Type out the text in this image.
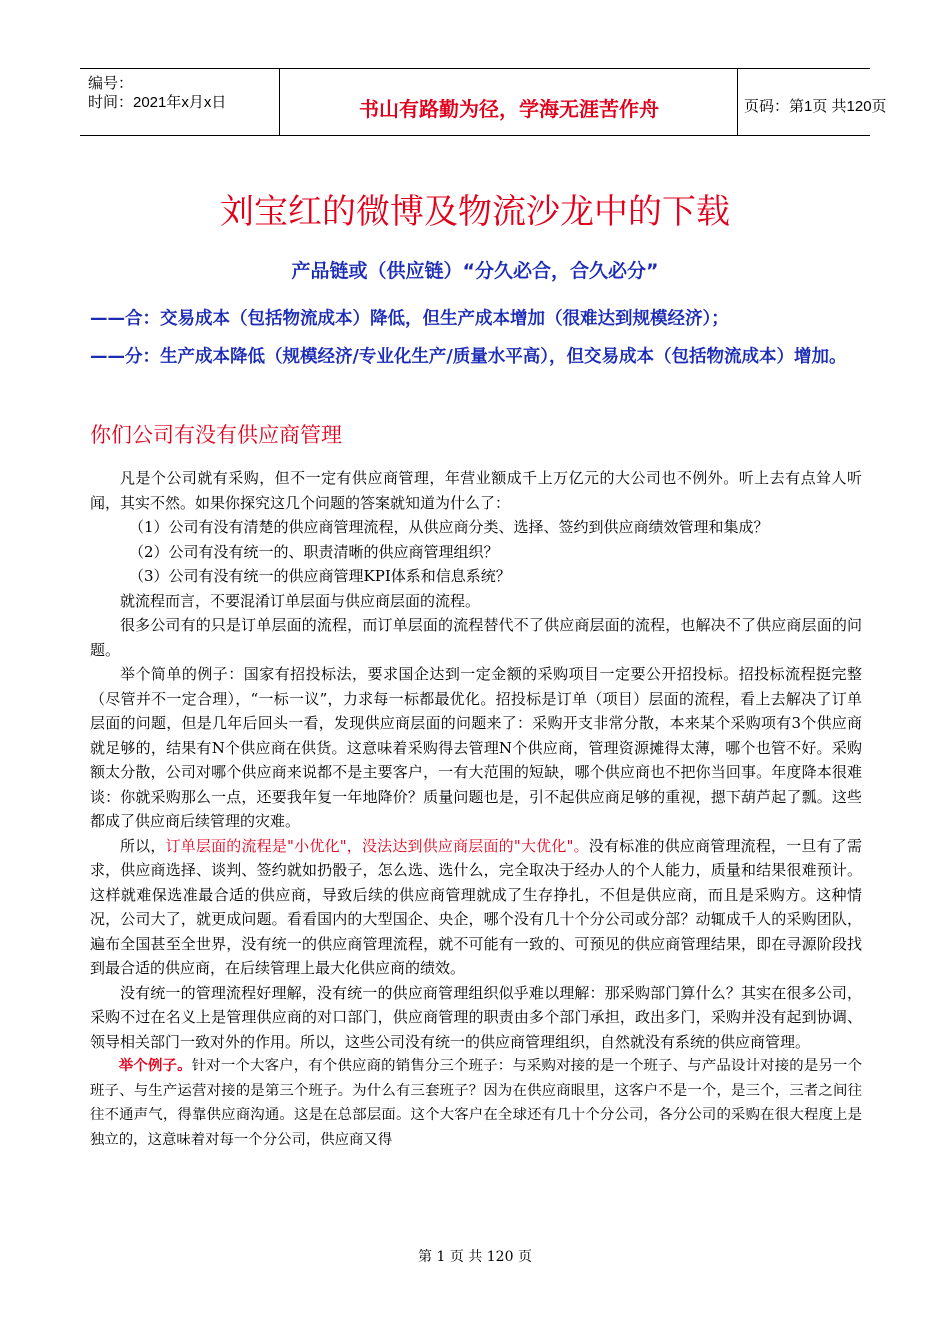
编号：
时间：2021年x月x日	书山有路勤为径，学海无涯苦作舟	页码：第1页 共120页
刘宝红的微博及物流沙龙中的下载
产品链或（供应链）“分久必合，合久必分”
——合：交易成本（包括物流成本）降低，但生产成本增加（很难达到规模经济）；
——分：生产成本降低（规模经济/专业化生产/质量水平高），但交易成本（包括物流成本）增加。
你们公司有没有供应商管理

凡是个公司就有采购，但不一定有供应商管理，年营业额成千上万亿元的大公司也不例外。听上去有点耸人听闻，其实不然。如果你探究这几个问题的答案就知道为什么了：

（1）公司有没有清楚的供应商管理流程，从供应商分类、选择、签约到供应商绩效管理和集成？

（2）公司有没有统一的、职责清晰的供应商管理组织？

（3）公司有没有统一的供应商管理KPI体系和信息系统？

就流程而言，不要混淆订单层面与供应商层面的流程。

很多公司有的只是订单层面的流程，而订单层面的流程替代不了供应商层面的流程，也解决不了供应商层面的问题。

举个简单的例子：国家有招投标法，要求国企达到一定金额的采购项目一定要公开招投标。招投标流程挺完整（尽管并不一定合理），“一标一议”，力求每一标都最优化。招投标是订单（项目）层面的流程，看上去解决了订单层面的问题，但是几年后回头一看，发现供应商层面的问题来了：采购开支非常分散，本来某个采购项有3个供应商就足够的，结果有N个供应商在供货。这意味着采购得去管理N个供应商，管理资源摊得太薄，哪个也管不好。采购额太分散，公司对哪个供应商来说都不是主要客户，一有大范围的短缺，哪个供应商也不把你当回事。年度降本很难谈：你就采购那么一点，还要我年复一年地降价？质量问题也是，引不起供应商足够的重视，摁下葫芦起了瓢。这些都成了供应商后续管理的灾难。

所以，订单层面的流程是"小优化"，没法达到供应商层面的"大优化"。没有标准的供应商管理流程，一旦有了需求，供应商选择、谈判、签约就如扔骰子，怎么选、选什么，完全取决于经办人的个人能力，质量和结果很难预计。这样就难保选准最合适的供应商，导致后续的供应商管理就成了生存挣扎，不但是供应商，而且是采购方。这种情况，公司大了，就更成问题。看看国内的大型国企、央企，哪个没有几十个分公司或分部？动辄成千人的采购团队，遍布全国甚至全世界，没有统一的供应商管理流程，就不可能有一致的、可预见的供应商管理结果，即在寻源阶段找到最合适的供应商，在后续管理上最大化供应商的绩效。

没有统一的管理流程好理解，没有统一的供应商管理组织似乎难以理解：那采购部门算什么？其实在很多公司，采购不过在名义上是管理供应商的对口部门，供应商管理的职责由多个部门承担，政出多门，采购并没有起到协调、领导相关部门一致对外的作用。所以，这些公司没有统一的供应商管理组织，自然就没有系统的供应商管理。

举个例子。针对一个大客户，有个供应商的销售分三个班子：与采购对接的是一个班子、与产品设计对接的是另一个班子、与生产运营对接的是第三个班子。为什么有三套班子？因为在供应商眼里，这客户不是一个，是三个，三者之间往往不通声气，得靠供应商沟通。这是在总部层面。这个大客户在全球还有几十个分公司，各分公司的采购在很大程度上是独立的，这意味着对每一个分公司，供应商又得

第 1 页 共 120 页
